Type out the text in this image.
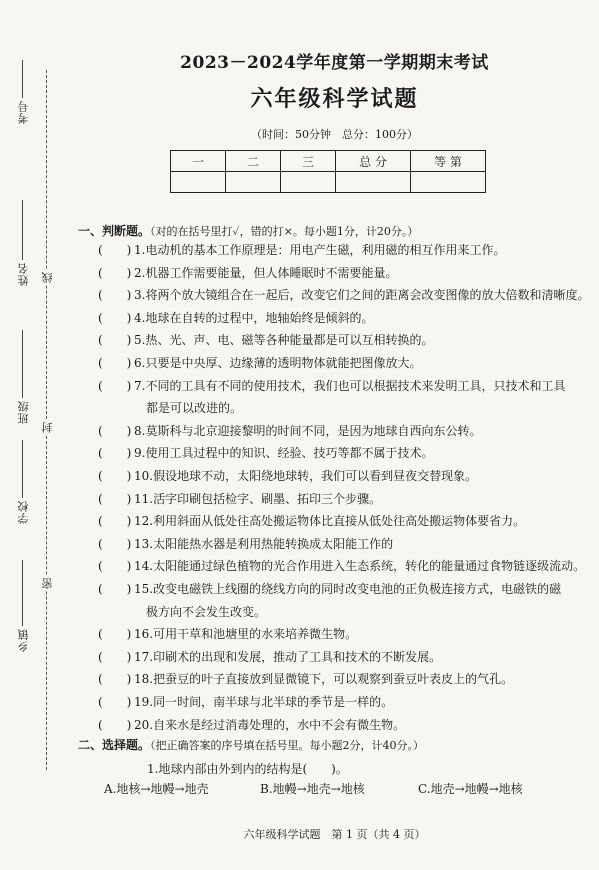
考号
姓名
班级
学校
乡镇
线
封
密
2023－2024学年度第一学期期末考试
六年级科学试题
（时间：50分钟　总分：100分）
一	二	三	总 分	等 第

一、判断题。（对的在括号里打✓，错的打×。每小题1分，计20分。）
(　　) 1.电动机的基本工作原理是：用电产生磁，利用磁的相互作用来工作。
(　　) 2.机器工作需要能量，但人体睡眠时不需要能量。
(　　) 3.将两个放大镜组合在一起后，改变它们之间的距离会改变图像的放大倍数和清晰度。
(　　) 4.地球在自转的过程中，地轴始终是倾斜的。
(　　) 5.热、光、声、电、磁等各种能量都是可以互相转换的。
(　　) 6.只要是中央厚、边缘薄的透明物体就能把图像放大。
(　　) 7.不同的工具有不同的使用技术，我们也可以根据技术来发明工具，只技术和工具
都是可以改进的。
(　　) 8.莫斯科与北京迎接黎明的时间不同，是因为地球自西向东公转。
(　　) 9.使用工具过程中的知识、经验、技巧等都不属于技术。
(　　) 10.假设地球不动，太阳绕地球转，我们可以看到昼夜交替现象。
(　　) 11.活字印刷包括检字、刷墨、拓印三个步骤。
(　　) 12.利用斜面从低处往高处搬运物体比直接从低处往高处搬运物体要省力。
(　　) 13.太阳能热水器是利用热能转换成太阳能工作的
(　　) 14.太阳能通过绿色植物的光合作用进入生态系统，转化的能量通过食物链逐级流动。
(　　) 15.改变电磁铁上线圈的绕线方向的同时改变电池的正负极连接方式，电磁铁的磁
极方向不会发生改变。
(　　) 16.可用干草和池塘里的水来培养微生物。
(　　) 17.印刷术的出现和发展，推动了工具和技术的不断发展。
(　　) 18.把蚕豆的叶子直接放到显微镜下，可以观察到蚕豆叶表皮上的气孔。
(　　) 19.同一时间，南半球与北半球的季节是一样的。
(　　) 20.自来水是经过消毒处理的，水中不会有微生物。
二、选择题。（把正确答案的序号填在括号里。每小题2分，计40分。）
1.地球内部由外到内的结构是(　　)。
A.地核→地幔→地壳	B.地幔→地壳→地核	C.地壳→地幔→地核
六年级科学试题　第 1 页（共 4 页）
